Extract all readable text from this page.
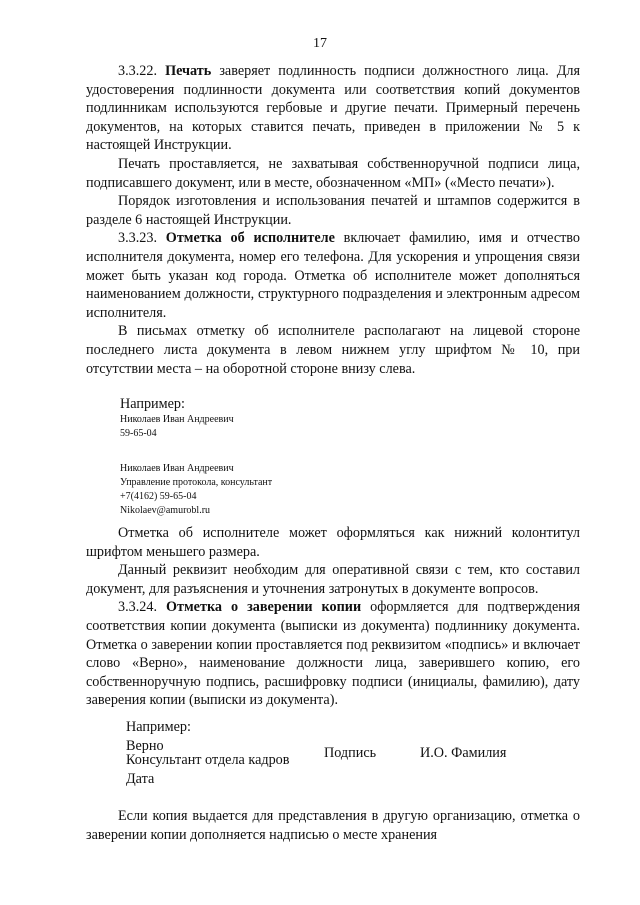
17

3.3.22. Печать заверяет подлинность подписи должностного лица. Для удостоверения подлинности документа или соответствия копий документов подлинникам используются гербовые и другие печати. Примерный перечень документов, на которых ставится печать, приведен в приложении № 5 к настоящей Инструкции.

Печать проставляется, не захватывая собственноручной подписи лица, подписавшего документ, или в месте, обозначенном «МП» («Место печати»).

Порядок изготовления и использования печатей и штампов содержится в разделе 6 настоящей Инструкции.

3.3.23. Отметка об исполнителе включает фамилию, имя и отчество исполнителя документа, номер его телефона. Для ускорения и упрощения связи может быть указан код города. Отметка об исполнителе может дополняться наименованием должности, структурного подразделения и электронным адресом исполнителя.

В письмах отметку об исполнителе располагают на лицевой стороне последнего листа документа в левом нижнем углу шрифтом № 10, при отсутствии места – на оборотной стороне внизу слева.

Например:
Николаев Иван Андреевич
59-65-04
Николаев Иван Андреевич
Управление протокола, консультант
+7(4162) 59-65-04
Nikolaev@amurobl.ru

Отметка об исполнителе может оформляться как нижний колонтитул шрифтом меньшего размера.

Данный реквизит необходим для оперативной связи с тем, кто составил документ, для разъяснения и уточнения затронутых в документе вопросов.

3.3.24. Отметка о заверении копии оформляется для подтверждения соответствия копии документа (выписки из документа) подлиннику документа. Отметка о заверении копии проставляется под реквизитом «подпись» и включает слово «Верно», наименование должности лица, заверившего копию, его собственноручную подпись, расшифровку подписи (инициалы, фамилию), дату заверения копии (выписки из документа).

Например:
Верно
Консультант отдела кадров Подпись	И.О. Фамилия
Дата

Если копия выдается для представления в другую организацию, отметка о заверении копии дополняется надписью о месте хранения
